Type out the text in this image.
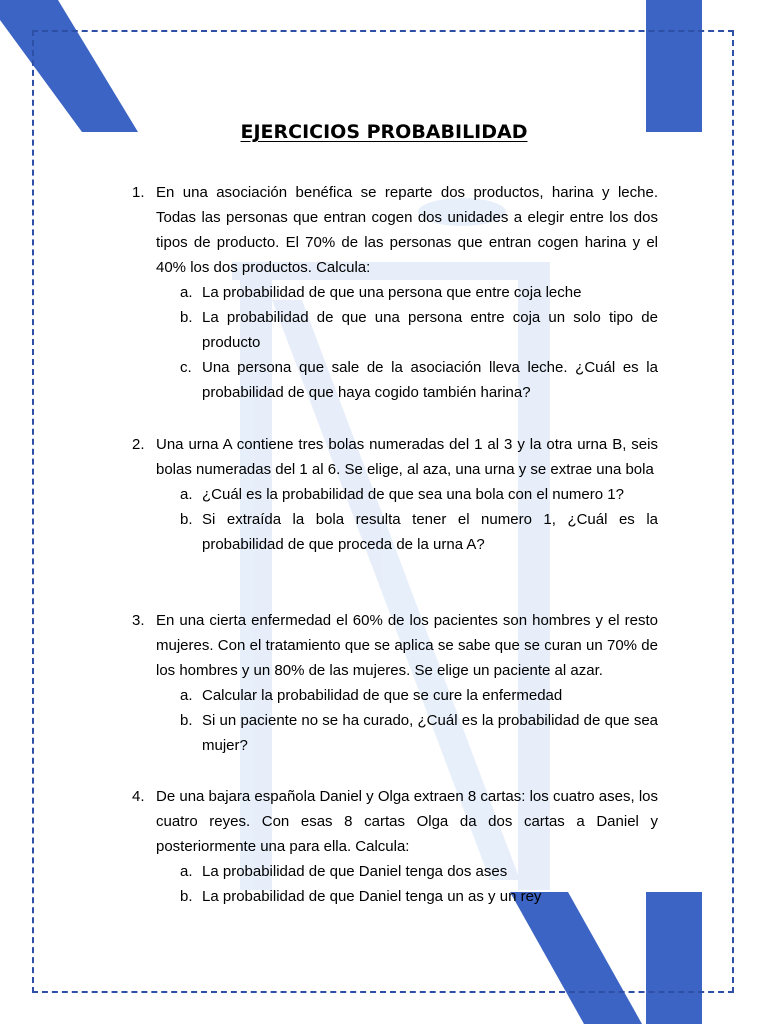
EJERCICIOS PROBABILIDAD
1. En una asociación benéfica se reparte dos productos, harina y leche. Todas las personas que entran cogen dos unidades a elegir entre los dos tipos de producto. El 70% de las personas que entran cogen harina y el 40% los dos productos. Calcula:
a. La probabilidad de que una persona que entre coja leche
b. La probabilidad de que una persona entre coja un solo tipo de producto
c. Una persona que sale de la asociación lleva leche. ¿Cuál es la probabilidad de que haya cogido también harina?
2. Una urna A contiene tres bolas numeradas del 1 al 3 y la otra urna B, seis bolas numeradas del 1 al 6. Se elige, al aza, una urna y se extrae una bola
a. ¿Cuál es la probabilidad de que sea una bola con el numero 1?
b. Si extraída la bola resulta tener el numero 1, ¿Cuál es la probabilidad de que proceda de la urna A?
3. En una cierta enfermedad el 60% de los pacientes son hombres y el resto mujeres. Con el tratamiento que se aplica se sabe que se curan un 70% de los hombres y un 80% de las mujeres. Se elige un paciente al azar.
a. Calcular la probabilidad de que se cure la enfermedad
b. Si un paciente no se ha curado, ¿Cuál es la probabilidad de que sea mujer?
4. De una bajara española Daniel y Olga extraen 8 cartas: los cuatro ases, los cuatro reyes. Con esas 8 cartas Olga da dos cartas a Daniel y posteriormente una para ella. Calcula:
a. La probabilidad de que Daniel tenga dos ases
b. La probabilidad de que Daniel tenga un as y un rey
